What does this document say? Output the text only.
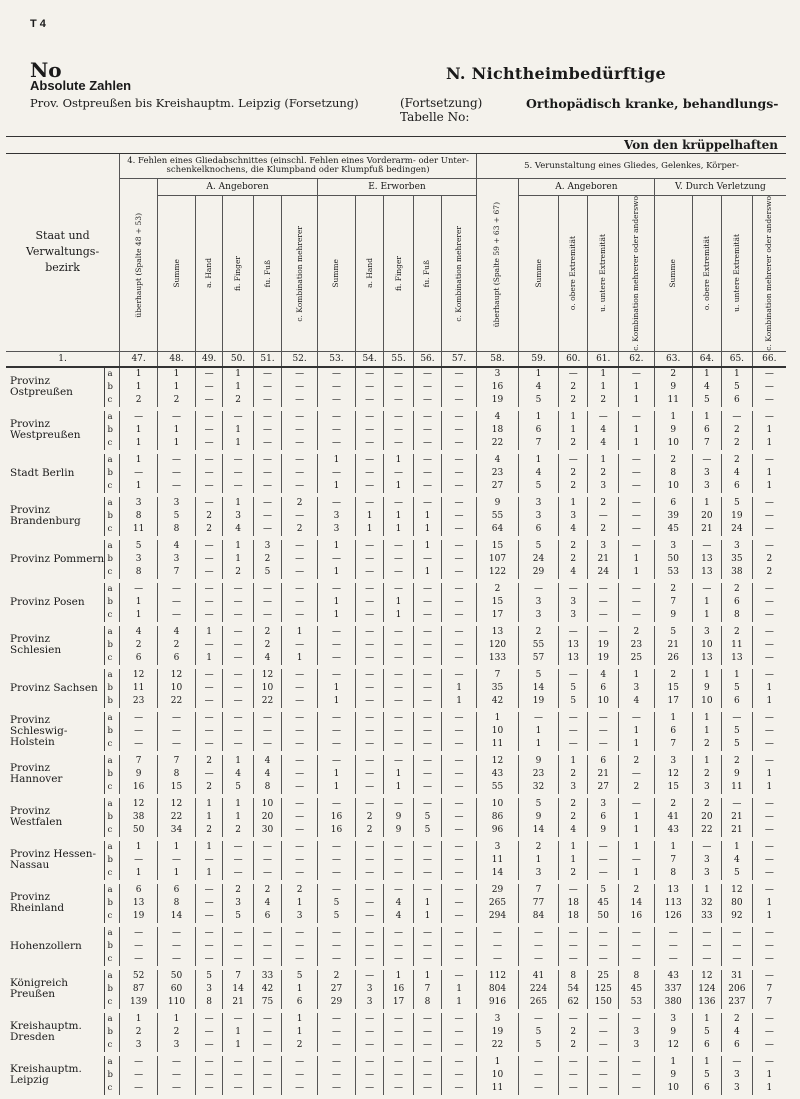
T 4
No
Absolute Zahlen
Prov. Ostpreußen bis Kreishauptm. Leipzig (Forsetzung)
N. Nichtheimbedürftige
(Fortsetzung) Tabelle No:
Orthopädisch kranke, behandlungs-
Von den krüppelhaften																					
Staat und Verwaltungs-bezirk		4. Fehlen eines Gliedabschnittes (einschl. Fehlen eines Vorderarm- oder Unter-schenkelknochens, die Klumpband oder Klumpfuß bedingen)											5. Verunstaltung eines Gliedes, Gelenkes, Körper-								

		überhaupt (Spalte 48 + 53)	A. Angeboren					E. Erworben					überhaupt (Spalte 59 + 63 + 67)	A. Angeboren				V. Durch Verletzung			

			Summe	a. Hand	fi. Finger	fu. Fuß	c. Kombination mehrerer	Summe	a. Hand	fi. Finger	fu. Fuß	c. Kombination mehrerer		Summe	o. obere Extremität	u. untere Extremität	c. Kombination mehrerer oder anderswo	Summe	o. obere Extremität	u. untere Extremität	c. Kombination mehrerer oder anderswo

1.		47.	48.	49.	50.	51.	52.	53.	54.	55.	56.	57.	58.	59.	60.	61.	62.	63.	64.	65.	66.
Provinz Ostpreußen	a	1	1	—	1	—	—	—	—	—	—	—	3	1	—	1	—	2	1	1	—
	b	1	1	—	1	—	—	—	—	—	—	—	16	4	2	1	1	9	4	5	—
	c	2	2	—	2	—	—	—	—	—	—	—	19	5	2	2	1	11	5	6	—

Provinz Westpreußen	a	—	—	—	—	—	—	—	—	—	—	—	4	1	1	—	—	1	1	—	—
	b	1	1	—	1	—	—	—	—	—	—	—	18	6	1	4	1	9	6	2	1
	c	1	1	—	1	—	—	—	—	—	—	—	22	7	2	4	1	10	7	2	1

Stadt Berlin	a	1	—	—	—	—	—	1	—	1	—	—	4	1	—	1	—	2	—	2	—
	b	—	—	—	—	—	—	—	—	—	—	—	23	4	2	2	—	8	3	4	1
	c	1	—	—	—	—	—	1	—	1	—	—	27	5	2	3	—	10	3	6	1

Provinz Brandenburg	a	3	3	—	1	—	2	—	—	—	—	—	9	3	1	2	—	6	1	5	—
	b	8	5	2	3	—	—	3	1	1	1	—	55	3	3	—	—	39	20	19	—
	c	11	8	2	4	—	2	3	1	1	1	—	64	6	4	2	—	45	21	24	—

Provinz Pommern	a	5	4	—	1	3	—	1	—	—	1	—	15	5	2	3	—	3	—	3	—
	b	3	3	—	1	2	—	—	—	—	—	—	107	24	2	21	1	50	13	35	2
	c	8	7	—	2	5	—	1	—	—	1	—	122	29	4	24	1	53	13	38	2

Provinz Posen	a	—	—	—	—	—	—	—	—	—	—	—	2	—	—	—	—	2	—	2	—
	b	1	—	—	—	—	—	1	—	1	—	—	15	3	3	—	—	7	1	6	—
	c	1	—	—	—	—	—	1	—	1	—	—	17	3	3	—	—	9	1	8	—

Provinz Schlesien	a	4	4	1	—	2	1	—	—	—	—	—	13	2	—	—	2	5	3	2	—
	b	2	2	—	—	2	—	—	—	—	—	—	120	55	13	19	23	21	10	11	—
	c	6	6	1	—	4	1	—	—	—	—	—	133	57	13	19	25	26	13	13	—

Provinz Sachsen	a	12	12	—	—	12	—	—	—	—	—	—	7	5	—	4	1	2	1	1	—
	b	11	10	—	—	10	—	1	—	—	—	1	35	14	5	6	3	15	9	5	1
	b	23	22	—	—	22	—	1	—	—	—	1	42	19	5	10	4	17	10	6	1

Provinz Schleswig-Holstein	a	—	—	—	—	—	—	—	—	—	—	—	1	—	—	—	—	1	1	—	—
	b	—	—	—	—	—	—	—	—	—	—	—	10	1	—	—	1	6	1	5	—
	c	—	—	—	—	—	—	—	—	—	—	—	11	1	—	—	1	7	2	5	—

Provinz Hannover	a	7	7	2	1	4	—	—	—	—	—	—	12	9	1	6	2	3	1	2	—
	b	9	8	—	4	4	—	1	—	1	—	—	43	23	2	21	—	12	2	9	1
	c	16	15	2	5	8	—	1	—	1	—	—	55	32	3	27	2	15	3	11	1

Provinz Westfalen	a	12	12	1	1	10	—	—	—	—	—	—	10	5	2	3	—	2	2	—	—
	b	38	22	1	1	20	—	16	2	9	5	—	86	9	2	6	1	41	20	21	—
	c	50	34	2	2	30	—	16	2	9	5	—	96	14	4	9	1	43	22	21	—

Provinz Hessen-Nassau	a	1	1	1	—	—	—	—	—	—	—	—	3	2	1	—	1	1	—	1	—
	b	—	—	—	—	—	—	—	—	—	—	—	11	1	1	—	—	7	3	4	—
	c	1	1	1	—	—	—	—	—	—	—	—	14	3	2	—	1	8	3	5	—

Provinz Rheinland	a	6	6	—	2	2	2	—	—	—	—	—	29	7	—	5	2	13	1	12	—
	b	13	8	—	3	4	1	5	—	4	1	—	265	77	18	45	14	113	32	80	1
	c	19	14	—	5	6	3	5	—	4	1	—	294	84	18	50	16	126	33	92	1

Hohenzollern	a	—	—	—	—	—	—	—	—	—	—	—	—	—	—	—	—	—	—	—	—
	b	—	—	—	—	—	—	—	—	—	—	—	—	—	—	—	—	—	—	—	—
	c	—	—	—	—	—	—	—	—	—	—	—	—	—	—	—	—	—	—	—	—

Königreich Preußen	a	52	50	5	7	33	5	2	—	1	1	—	112	41	8	25	8	43	12	31	—
	b	87	60	3	14	42	1	27	3	16	7	1	804	224	54	125	45	337	124	206	7
	c	139	110	8	21	75	6	29	3	17	8	1	916	265	62	150	53	380	136	237	7

Kreishauptm. Dresden	a	1	1	—	—	—	1	—	—	—	—	—	3	—	—	—	—	3	1	2	—
	b	2	2	—	1	—	1	—	—	—	—	—	19	5	2	—	3	9	5	4	—
	c	3	3	—	1	—	2	—	—	—	—	—	22	5	2	—	3	12	6	6	—

Kreishauptm. Leipzig	a	—	—	—	—	—	—	—	—	—	—	—	1	—	—	—	—	1	1	—	—
	b	—	—	—	—	—	—	—	—	—	—	—	10	—	—	—	—	9	5	3	1
	c	—	—	—	—	—	—	—	—	—	—	—	11	—	—	—	—	10	6	3	1
